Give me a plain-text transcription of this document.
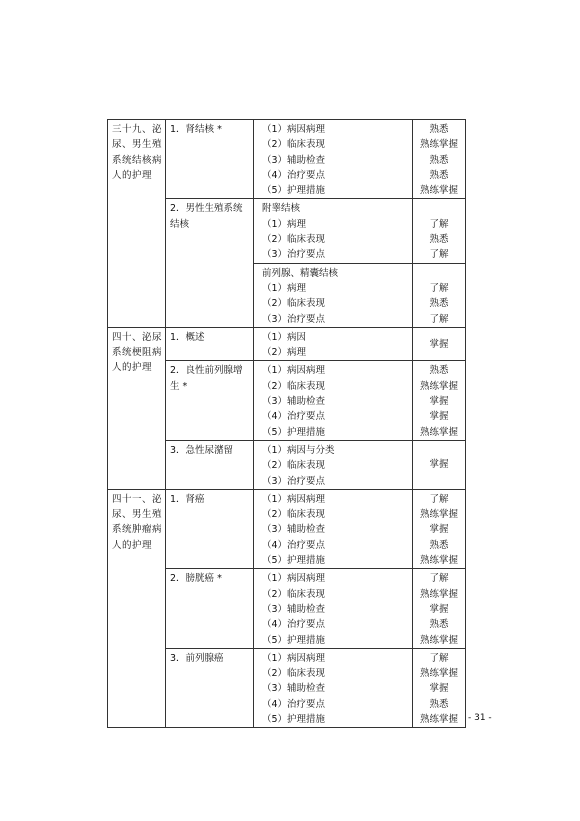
三十九、泌尿、男生殖系统结核病人的护理	1．肾结核 *	（1）病因病理
（2）临床表现
（3）辅助检查
（4）治疗要点
（5）护理措施	熟悉
熟练掌握
熟悉
熟悉
熟练掌握

	2．男性生殖系统结核	附睾结核
（1）病理
（2）临床表现
（3）治疗要点	了解
熟悉
了解

		前列腺、精囊结核
（1）病理
（2）临床表现
（3）治疗要点	了解
熟悉
了解

四十、泌尿系统梗阻病人的护理	1．概述	（1）病因
（2）病理	掌握
	2．良性前列腺增生 *	（1）病因病理
（2）临床表现
（3）辅助检查
（4）治疗要点
（5）护理措施	熟悉
熟练掌握
掌握
掌握
熟练掌握

	3．急性尿潴留	（1）病因与分类
（2）临床表现
（3）治疗要点	掌握
四十一、泌尿、男生殖系统肿瘤病人的护理	1．肾癌	（1）病因病理
（2）临床表现
（3）辅助检查
（4）治疗要点
（5）护理措施	了解
熟练掌握
掌握
熟悉
熟练掌握

	2．膀胱癌 *	（1）病因病理
（2）临床表现
（3）辅助检查
（4）治疗要点
（5）护理措施	了解
熟练掌握
掌握
熟悉
熟练掌握

	3．前列腺癌	（1）病因病理
（2）临床表现
（3）辅助检查
（4）治疗要点
（5）护理措施	了解
熟练掌握
掌握
熟悉
熟练掌握	- 31 -
